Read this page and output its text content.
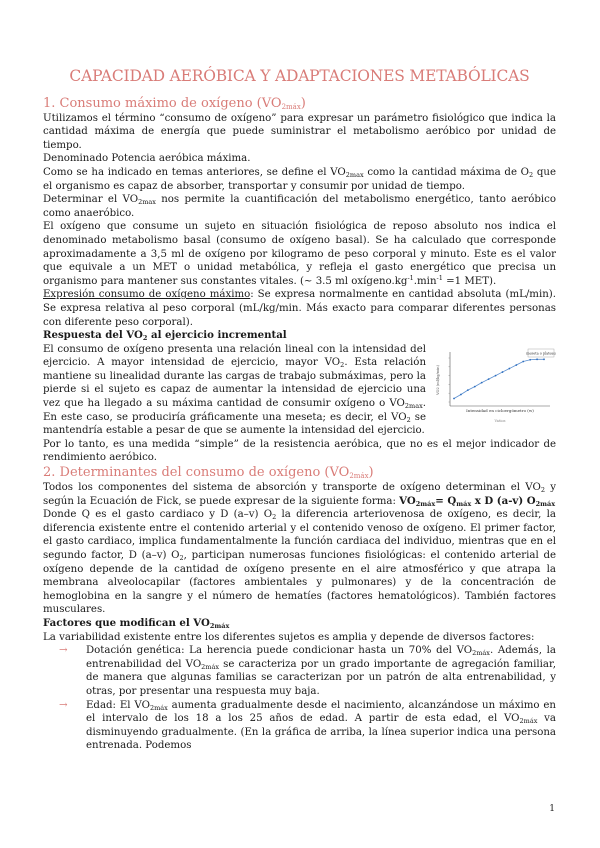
CAPACIDAD AERÓBICA Y ADAPTACIONES METABÓLICAS
1. Consumo máximo de oxígeno $(VO_{2máx})$

Utilizamos el término “consumo de oxígeno” para expresar un parámetro fisiológico que indica la cantidad máxima de energía que puede suministrar el metabolismo aeróbico por unidad de tiempo.

Denominado Potencia aeróbica máxima.

Como se ha indicado en temas anteriores, se define el $VO_{2max}$ como la cantidad máxima de $O_2$ que el organismo es capaz de absorber, transportar y consumir por unidad de tiempo.

Determinar el $VO_{2max}$ nos permite la cuantificación del metabolismo energético, tanto aeróbico como anaeróbico.

El oxígeno que consume un sujeto en situación fisiológica de reposo absoluto nos indica el denominado metabolismo basal (consumo de oxígeno basal). Se ha calculado que corresponde aproximadamente a 3,5 ml de oxígeno por kilogramo de peso corporal y minuto. Este es el valor que equivale a un MET o unidad metabólica, y refleja el gasto energético que precisa un organismo para mantener sus constantes vitales. (~ 3.5 ml $oxígeno.kg^{-1}.\min^{-1} =1$ MET).

Expresión consumo de oxígeno máximo: Se expresa normalmente en cantidad absoluta (mL/min). Se expresa relativa al peso corporal (mL/kg/min. Más exacto para comparar diferentes personas con diferente peso corporal).

Respuesta del $VO_2$ al ejercicio incremental
VO2 (ml/kg/min)
Intensidad en cicloergómetro (w)
meseta o plateau
Vatios

El consumo de oxígeno presenta una relación lineal con la intensidad del ejercicio. A mayor intensidad de ejercicio, mayor $VO_2$. Esta relación mantiene su linealidad durante las cargas de trabajo submáximas, pero la pierde si el sujeto es capaz de aumentar la intensidad de ejercicio una vez que ha llegado a su máxima cantidad de consumir oxígeno o $VO_{2max}$. En este caso, se produciría gráficamente una meseta; es decir, el $VO_2$ se mantendría estable a pesar de que se aumente la intensidad del ejercicio.

Por lo tanto, es una medida “simple” de la resistencia aeróbica, que no es el mejor indicador de rendimiento aeróbico.

2. Determinantes del consumo de oxígeno $(VO_{2máx})$

Todos los componentes del sistema de absorción y transporte de oxígeno determinan el $VO_2$ y según la Ecuación de Fick, se puede expresar de la siguiente forma: $VO_{2máx}= Q_{máx}$ x D (a-v) $O_{2máx}$

Donde Q es el gasto cardiaco y D (a–v) $O_2$ la diferencia arteriovenosa de oxígeno, es decir, la diferencia existente entre el contenido arterial y el contenido venoso de oxígeno. El primer factor, el gasto cardiaco, implica fundamentalmente la función cardiaca del individuo, mientras que en el segundo factor, D (a–v) $O_2$, participan numerosas funciones fisiológicas: el contenido arterial de oxígeno depende de la cantidad de oxígeno presente en el aire atmosférico y que atrapa la membrana alveolocapilar (factores ambientales y pulmonares) y de la concentración de hemoglobina en la sangre y el número de hematíes (factores hematológicos). También factores musculares.

Factores que modifican el $VO_{2máx}$

La variabilidad existente entre los diferentes sujetos es amplia y depende de diversos factores:

→ Dotación genética: La herencia puede condicionar hasta un 70% del $VO_{2máx}$. Además, la entrenabilidad del $VO_{2máx}$ se caracteriza por un grado importante de agregación familiar, de manera que algunas familias se caracterizan por un patrón de alta entrenabilidad, y otras, por presentar una respuesta muy baja.
→ Edad: El $VO_{2máx}$ aumenta gradualmente desde el nacimiento, alcanzándose un máximo en el intervalo de los 18 a los 25 años de edad. A partir de esta edad, el $VO_{2máx}$ va disminuyendo gradualmente. (En la gráfica de arriba, la línea superior indica una persona entrenada. Podemos
1
